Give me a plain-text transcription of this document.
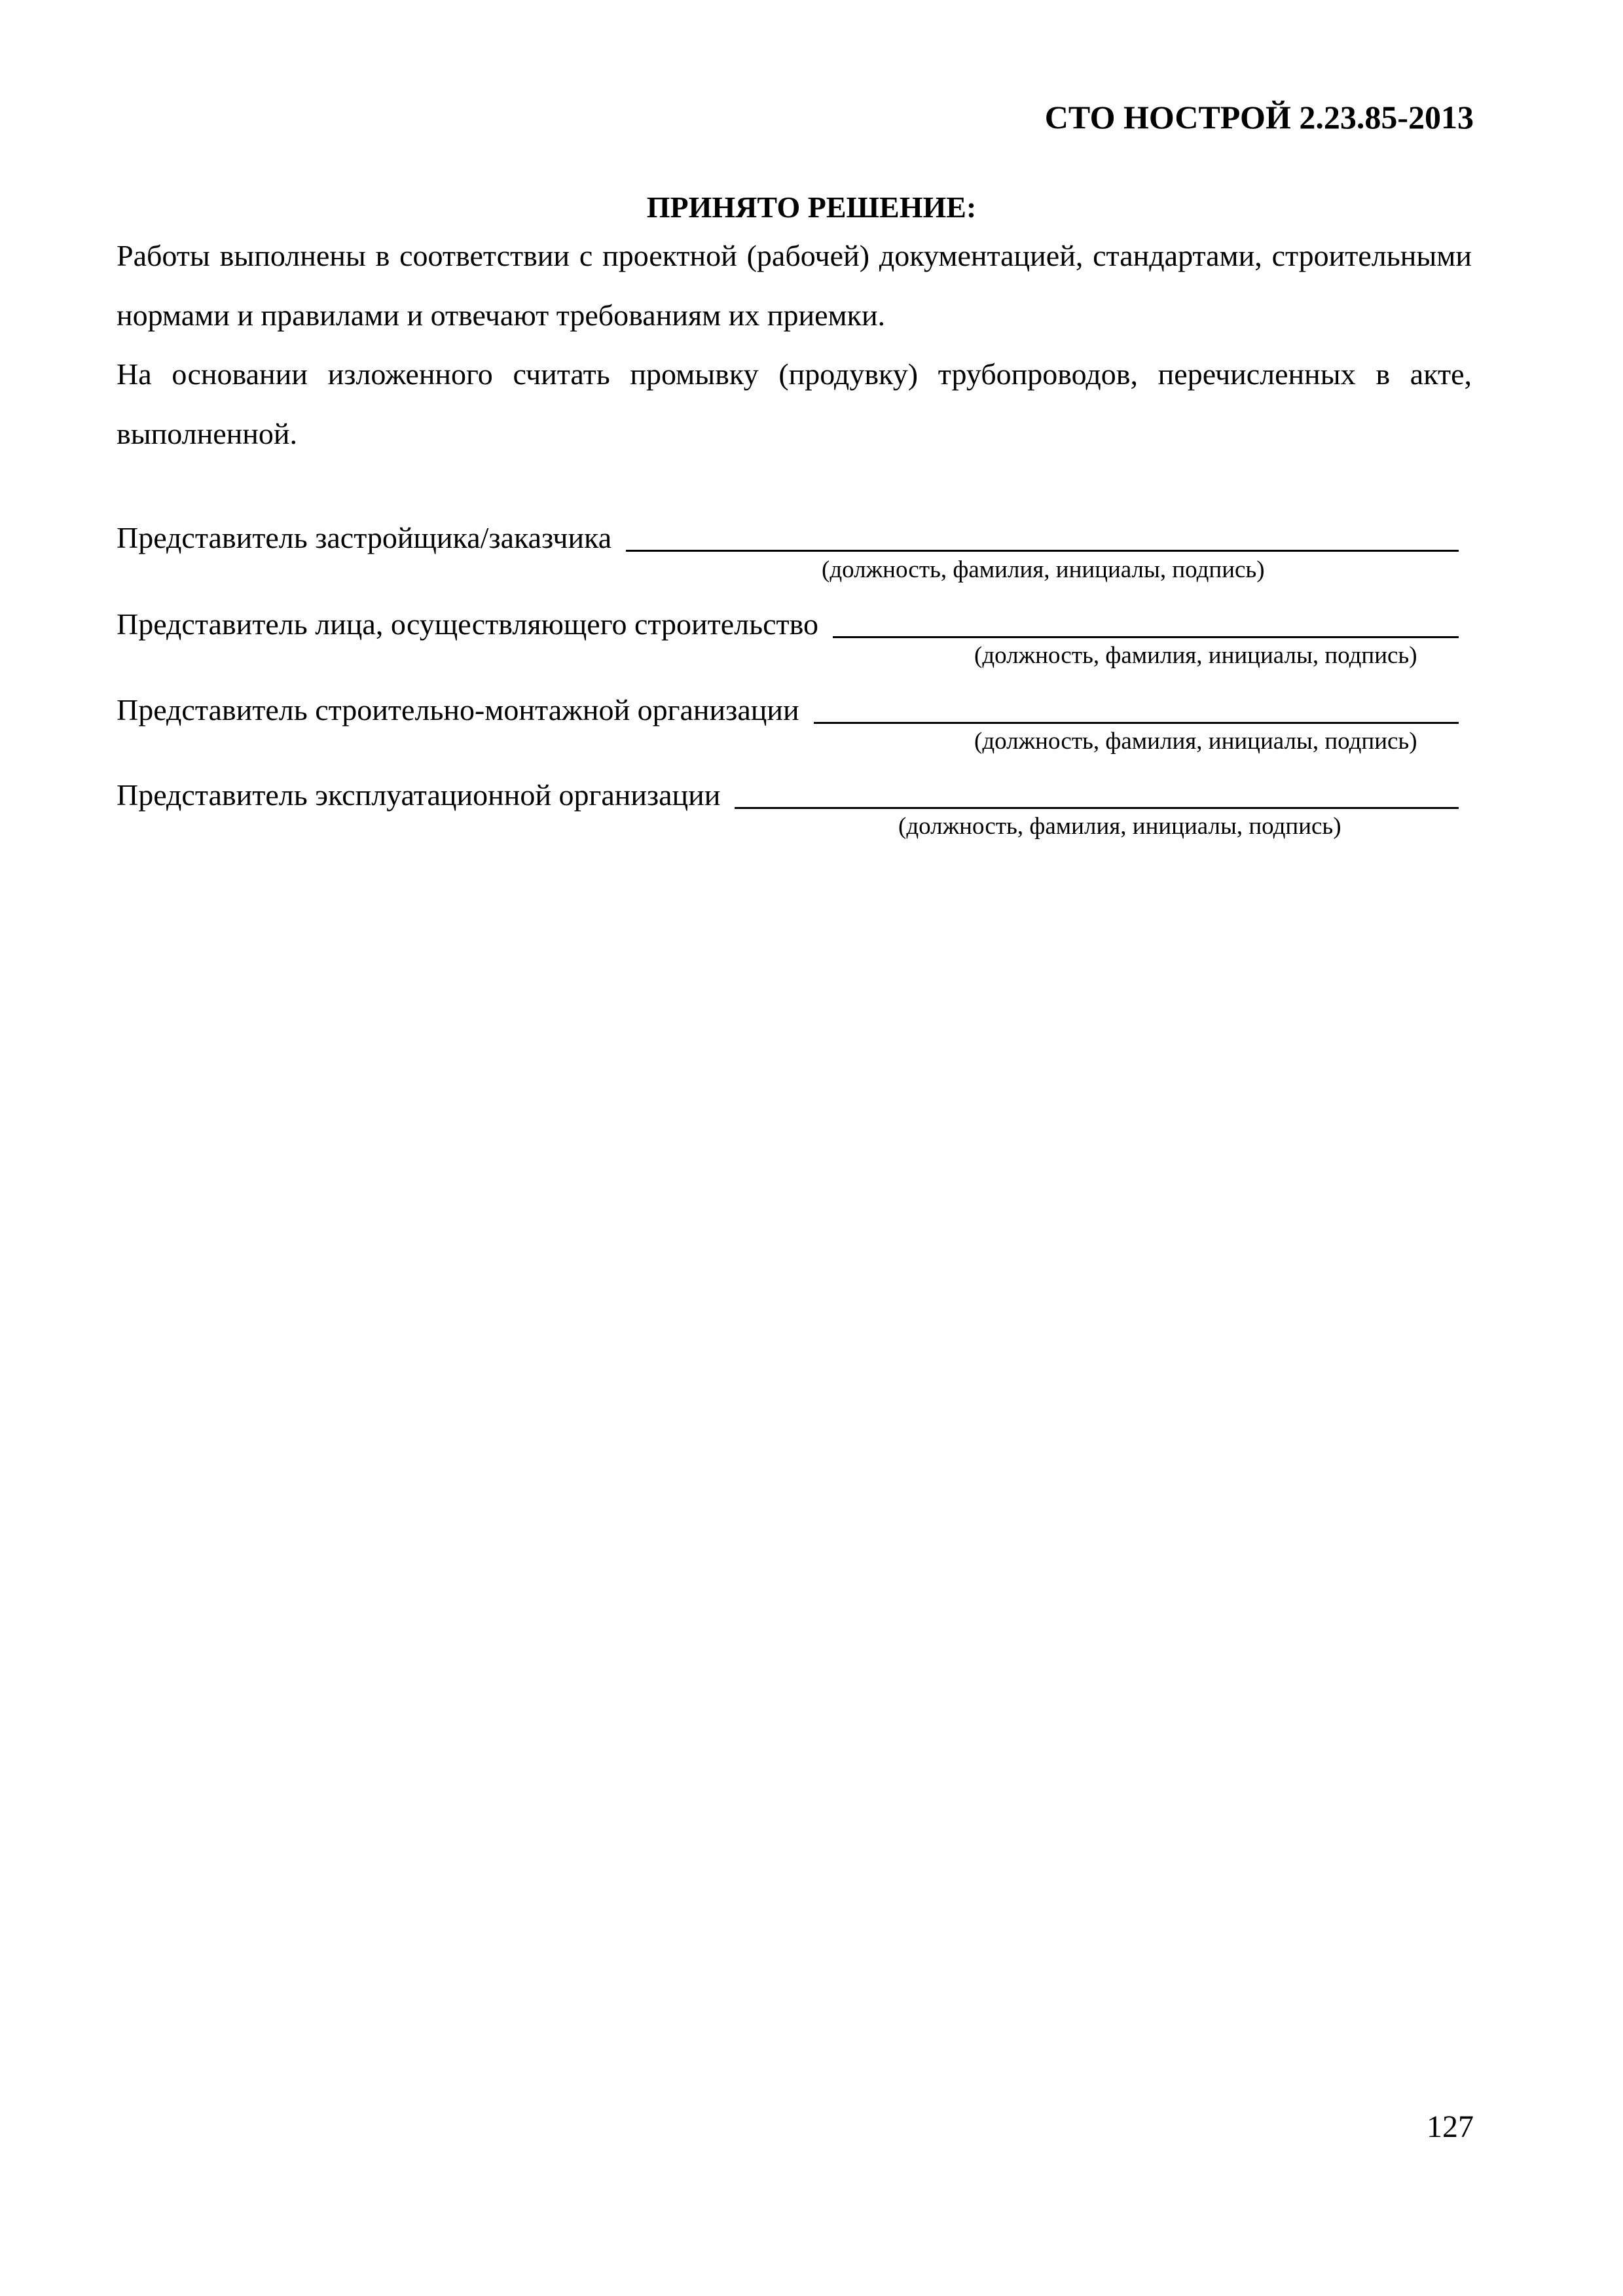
СТО НОСТРОЙ 2.23.85-2013
ПРИНЯТО РЕШЕНИЕ:
Работы выполнены в соответствии с проектной (рабочей) документацией, стандартами, строительными нормами и правилами и отвечают требованиям их приемки.
На основании изложенного считать промывку (продувку) трубопроводов, перечисленных в акте, выполненной.
Представитель застройщика/заказчика
(должность, фамилия, инициалы, подпись)
Представитель лица, осуществляющего строительство
(должность, фамилия, инициалы, подпись)
Представитель строительно-монтажной организации
(должность, фамилия, инициалы, подпись)
Представитель эксплуатационной организации
(должность, фамилия, инициалы, подпись)
127
